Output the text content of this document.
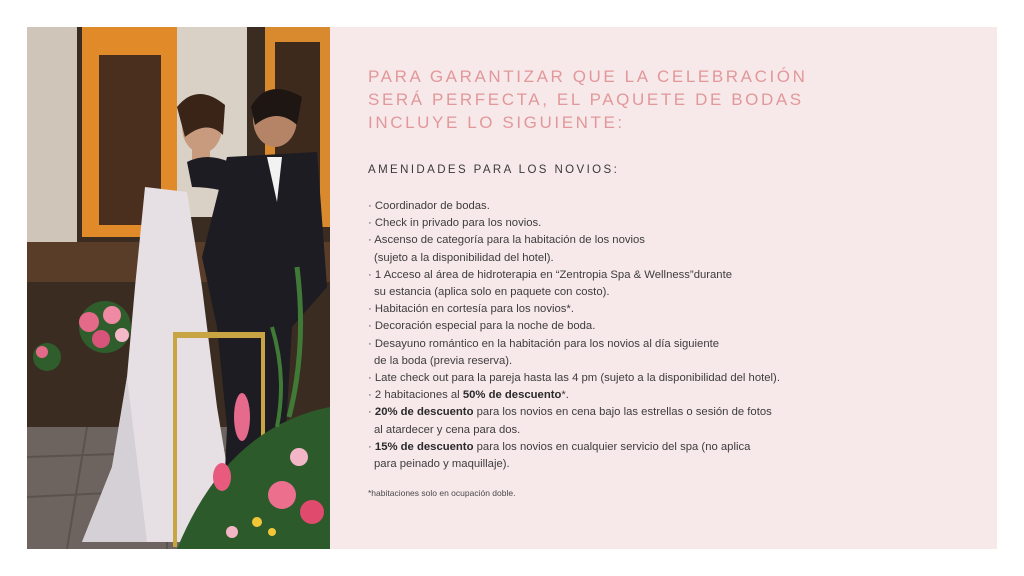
PARA GARANTIZAR QUE LA CELEBRACIÓN
SERÁ PERFECTA, EL PAQUETE DE BODAS
INCLUYE LO SIGUIENTE:
AMENIDADES PARA LOS NOVIOS:
· Coordinador de bodas.
· Check in privado para los novios.
· Ascenso de categoría para la habitación de los novios
(sujeto a la disponibilidad del hotel).
· 1 Acceso al área de hidroterapia en “Zentropia Spa & Wellness”durante
su estancia (aplica solo en paquete con costo).
· Habitación en cortesía para los novios*.
· Decoración especial para la noche de boda.
· Desayuno romántico en la habitación para los novios al día siguiente
de la boda (previa reserva).
· Late check out para la pareja hasta las 4 pm (sujeto a la disponibilidad del hotel).
· 2 habitaciones al 50% de descuento*.
· 20% de descuento para los novios en cena bajo las estrellas o sesión de fotos
al atardecer y cena para dos.
· 15% de descuento para los novios en cualquier servicio del spa (no aplica
para peinado y maquillaje).
*habitaciones solo en ocupación doble.
